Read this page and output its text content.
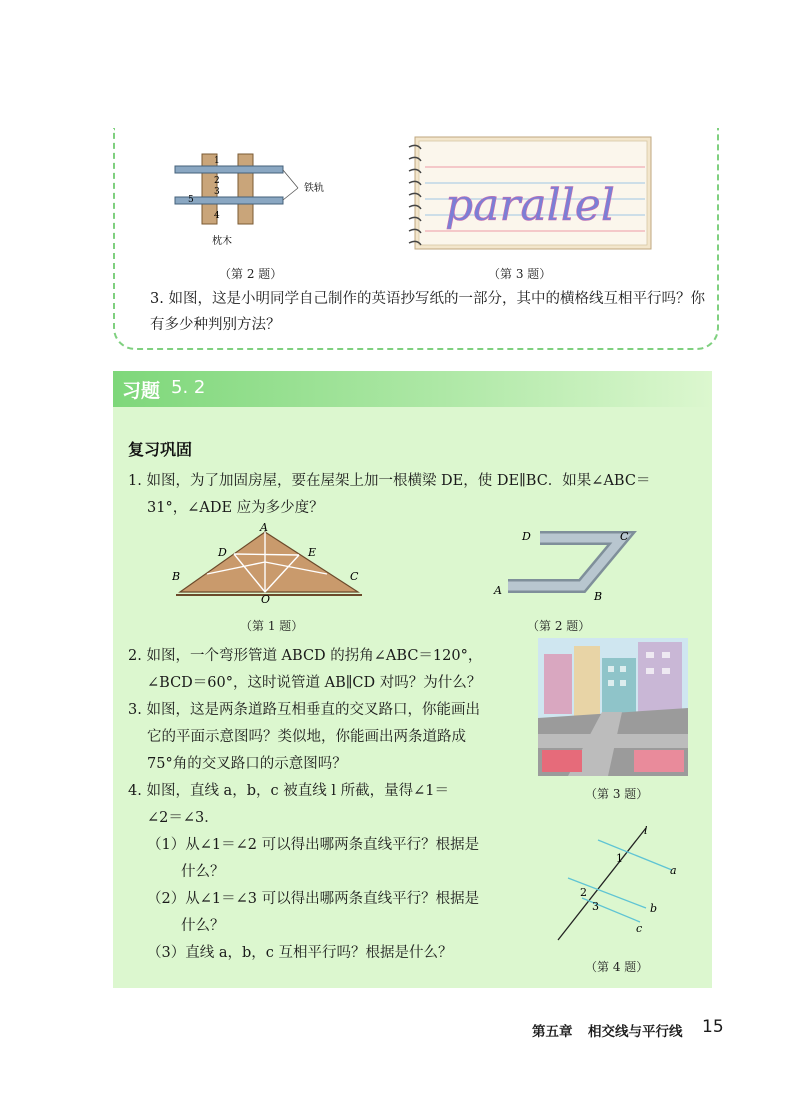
1
2
3
5
4
铁轨
枕木
（第 2 题）
parallel
（第 3 题）
3. 如图，这是小明同学自己制作的英语抄写纸的一部分，其中的横格线互相平行吗？你有多少种判别方法？
习题 5. 2
复习巩固
1. 如图，为了加固房屋，要在屋架上加一根横梁 DE，使 DE∥BC．如果∠ABC＝
31°，∠ADE 应为多少度？
A
D	E
B	C
O
（第 1 题）
D	C
A	B
（第 2 题）
2. 如图，一个弯形管道 ABCD 的拐角∠ABC＝120°，
∠BCD＝60°，这时说管道 AB∥CD 对吗？为什么？
3. 如图，这是两条道路互相垂直的交叉路口，你能画出
它的平面示意图吗？类似地，你能画出两条道路成
75°角的交叉路口的示意图吗？
（第 3 题）
4. 如图，直线 a，b，c 被直线 l 所截，量得∠1＝
∠2＝∠3．
（1）从∠1＝∠2 可以得出哪两条直线平行？根据是
什么？
（2）从∠1＝∠3 可以得出哪两条直线平行？根据是
什么？
（3）直线 a，b，c 互相平行吗？根据是什么？
l
1
a
2
3	b
c
（第 4 题）
第五章 相交线与平行线 15
